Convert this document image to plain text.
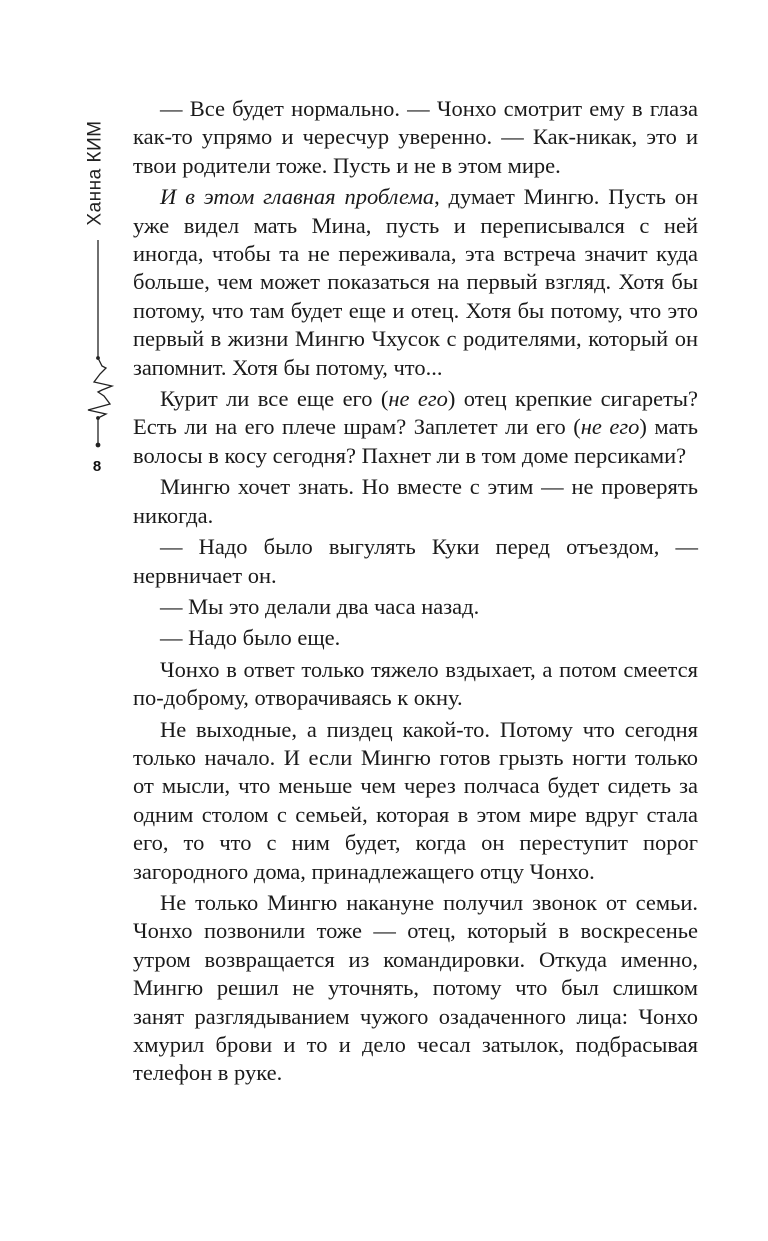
Ханна КИМ
8

— Все будет нормально. — Чонхо смотрит ему в глаза как-то упрямо и чересчур уверенно. — Как-никак, это и твои родители тоже. Пусть и не в этом мире.

И в этом главная проблема, думает Мингю. Пусть он уже видел мать Мина, пусть и переписывался с ней иногда, чтобы та не переживала, эта встреча значит куда больше, чем может показаться на первый взгляд. Хотя бы потому, что там будет еще и отец. Хотя бы потому, что это первый в жизни Мингю Чхусок с родителями, который он запомнит. Хотя бы потому, что...

Курит ли все еще его (не его) отец крепкие сигареты? Есть ли на его плече шрам? Заплетет ли его (не его) мать волосы в косу сегодня? Пахнет ли в том доме персиками?

Мингю хочет знать. Но вместе с этим — не проверять никогда.

— Надо было выгулять Куки перед отъездом, — нервничает он.

— Мы это делали два часа назад.

— Надо было еще.

Чонхо в ответ только тяжело вздыхает, а потом смеется по-доброму, отворачиваясь к окну.

Не выходные, а пиздец какой-то. Потому что сегодня только начало. И если Мингю готов грызть ногти только от мысли, что меньше чем через полчаса будет сидеть за одним столом с семьей, которая в этом мире вдруг стала его, то что с ним будет, когда он переступит порог загородного дома, принадлежащего отцу Чонхо.

Не только Мингю накануне получил звонок от семьи. Чонхо позвонили тоже — отец, который в воскресенье утром возвращается из командировки. Откуда именно, Мингю решил не уточнять, потому что был слишком занят разглядыванием чужого озадаченного лица: Чонхо хмурил брови и то и дело чесал затылок, подбрасывая телефон в руке.
